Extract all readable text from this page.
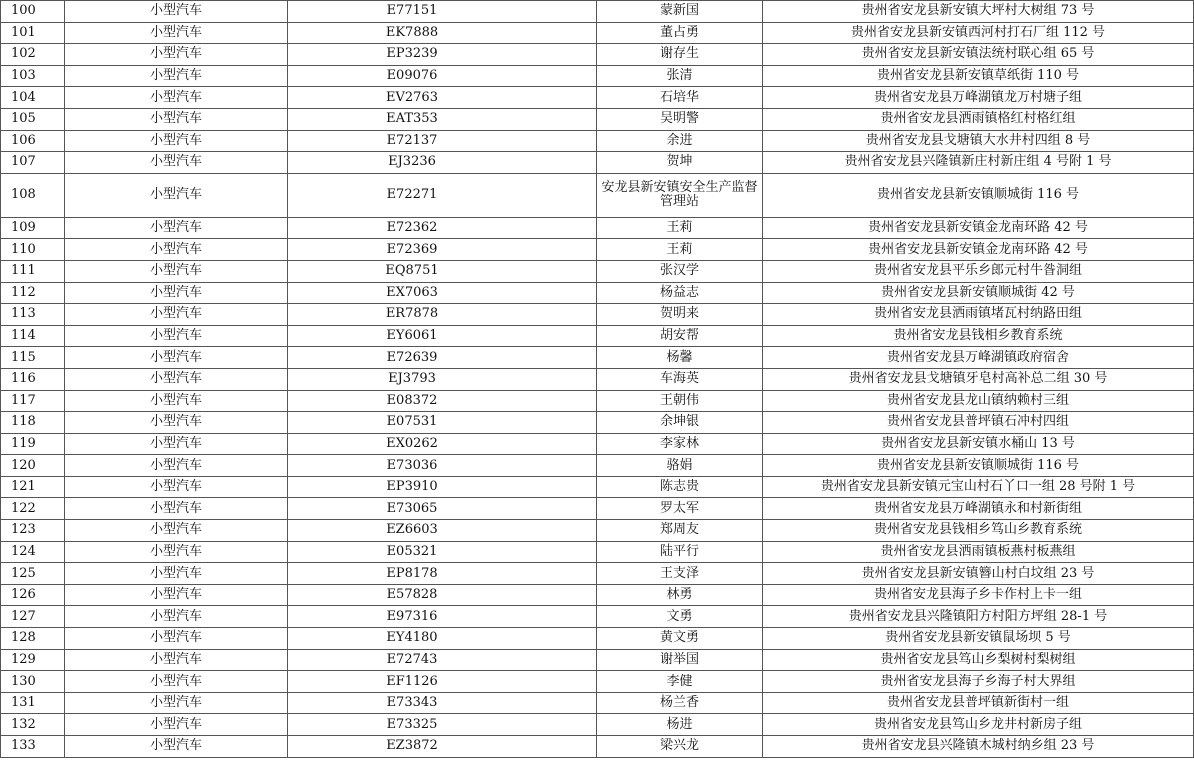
100	小型汽车	E77151	蒙新国	贵州省安龙县新安镇大坪村大树组 73 号
101	小型汽车	EK7888	董占勇	贵州省安龙县新安镇西河村打石厂组 112 号
102	小型汽车	EP3239	谢存生	贵州省安龙县新安镇法统村联心组 65 号
103	小型汽车	E09076	张清	贵州省安龙县新安镇草纸街 110 号
104	小型汽车	EV2763	石培华	贵州省安龙县万峰湖镇龙万村塘子组
105	小型汽车	EAT353	吴明警	贵州省安龙县洒雨镇格红村格红组
106	小型汽车	E72137	余进	贵州省安龙县戈塘镇大水井村四组 8 号
107	小型汽车	EJ3236	贺坤	贵州省安龙县兴隆镇新庄村新庄组 4 号附 1 号
108	小型汽车	E72271	安龙县新安镇安全生产监督管理站	贵州省安龙县新安镇顺城街 116 号
109	小型汽车	E72362	王莉	贵州省安龙县新安镇金龙南环路 42 号
110	小型汽车	E72369	王莉	贵州省安龙县新安镇金龙南环路 42 号
111	小型汽车	EQ8751	张汉学	贵州省安龙县平乐乡郎元村牛昝洞组
112	小型汽车	EX7063	杨益志	贵州省安龙县新安镇顺城街 42 号
113	小型汽车	ER7878	贺明来	贵州省安龙县洒雨镇堵瓦村纳路田组
114	小型汽车	EY6061	胡安帮	贵州省安龙县钱相乡教育系统
115	小型汽车	E72639	杨馨	贵州省安龙县万峰湖镇政府宿舍
116	小型汽车	EJ3793	车海英	贵州省安龙县戈塘镇牙皂村高补总二组 30 号
117	小型汽车	E08372	王朝伟	贵州省安龙县龙山镇纳赖村三组
118	小型汽车	E07531	余坤银	贵州省安龙县普坪镇石冲村四组
119	小型汽车	EX0262	李家林	贵州省安龙县新安镇水桶山 13 号
120	小型汽车	E73036	骆娟	贵州省安龙县新安镇顺城街 116 号
121	小型汽车	EP3910	陈志贵	贵州省安龙县新安镇元宝山村石丫口一组 28 号附 1 号
122	小型汽车	E73065	罗太军	贵州省安龙县万峰湖镇永和村新街组
123	小型汽车	EZ6603	郑周友	贵州省安龙县钱相乡笃山乡教育系统
124	小型汽车	E05321	陆平行	贵州省安龙县洒雨镇板燕村板燕组
125	小型汽车	EP8178	王支泽	贵州省安龙县新安镇簪山村白坟组 23 号
126	小型汽车	E57828	林勇	贵州省安龙县海子乡卡作村上卡一组
127	小型汽车	E97316	文勇	贵州省安龙县兴隆镇阳方村阳方坪组 28-1 号
128	小型汽车	EY4180	黄文勇	贵州省安龙县新安镇鼠场坝 5 号
129	小型汽车	E72743	谢举国	贵州省安龙县笃山乡梨树村梨树组
130	小型汽车	EF1126	李健	贵州省安龙县海子乡海子村大界组
131	小型汽车	E73343	杨兰香	贵州省安龙县普坪镇新街村一组
132	小型汽车	E73325	杨进	贵州省安龙县笃山乡龙井村新房子组
133	小型汽车	EZ3872	梁兴龙	贵州省安龙县兴隆镇木城村纳乡组 23 号
